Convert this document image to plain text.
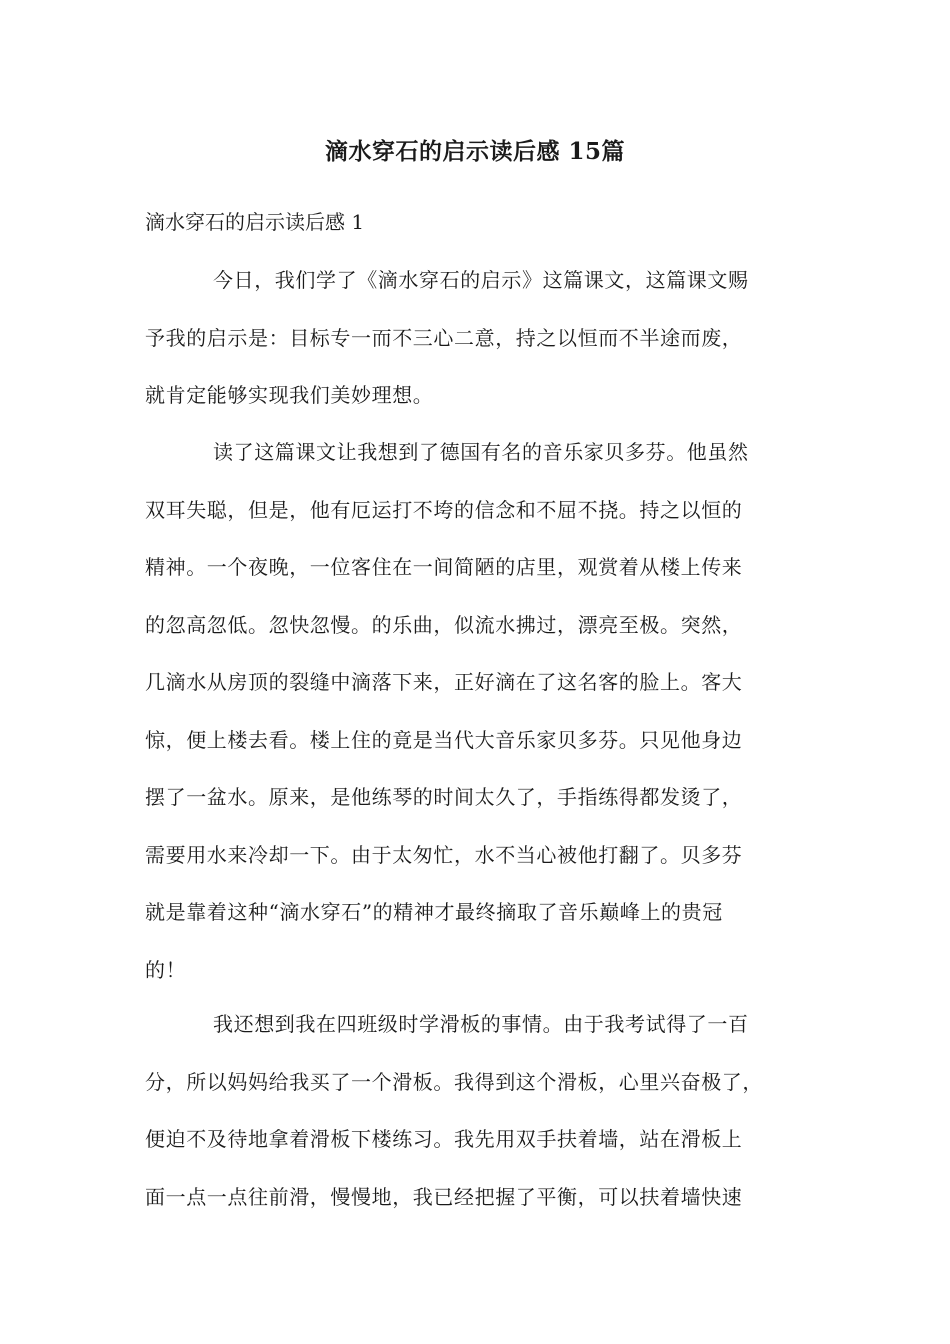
滴水穿石的启示读后感 15篇
滴水穿石的启示读后感 1
今日，我们学了《滴水穿石的启示》这篇课文，这篇课文赐
予我的启示是：目标专一而不三心二意，持之以恒而不半途而废，
就肯定能够实现我们美妙理想。
读了这篇课文让我想到了德国有名的音乐家贝多芬。他虽然
双耳失聪，但是，他有厄运打不垮的信念和不屈不挠。持之以恒的
精神。一个夜晚，一位客住在一间简陋的店里，观赏着从楼上传来
的忽高忽低。忽快忽慢。的乐曲，似流水拂过，漂亮至极。突然，
几滴水从房顶的裂缝中滴落下来，正好滴在了这名客的脸上。客大
惊，便上楼去看。楼上住的竟是当代大音乐家贝多芬。只见他身边
摆了一盆水。原来，是他练琴的时间太久了，手指练得都发烫了，
需要用水来冷却一下。由于太匆忙，水不当心被他打翻了。贝多芬
就是靠着这种“滴水穿石”的精神才最终摘取了音乐巅峰上的贵冠
的！
我还想到我在四班级时学滑板的事情。由于我考试得了一百
分，所以妈妈给我买了一个滑板。我得到这个滑板，心里兴奋极了，
便迫不及待地拿着滑板下楼练习。我先用双手扶着墙，站在滑板上
面一点一点往前滑，慢慢地，我已经把握了平衡，可以扶着墙快速
